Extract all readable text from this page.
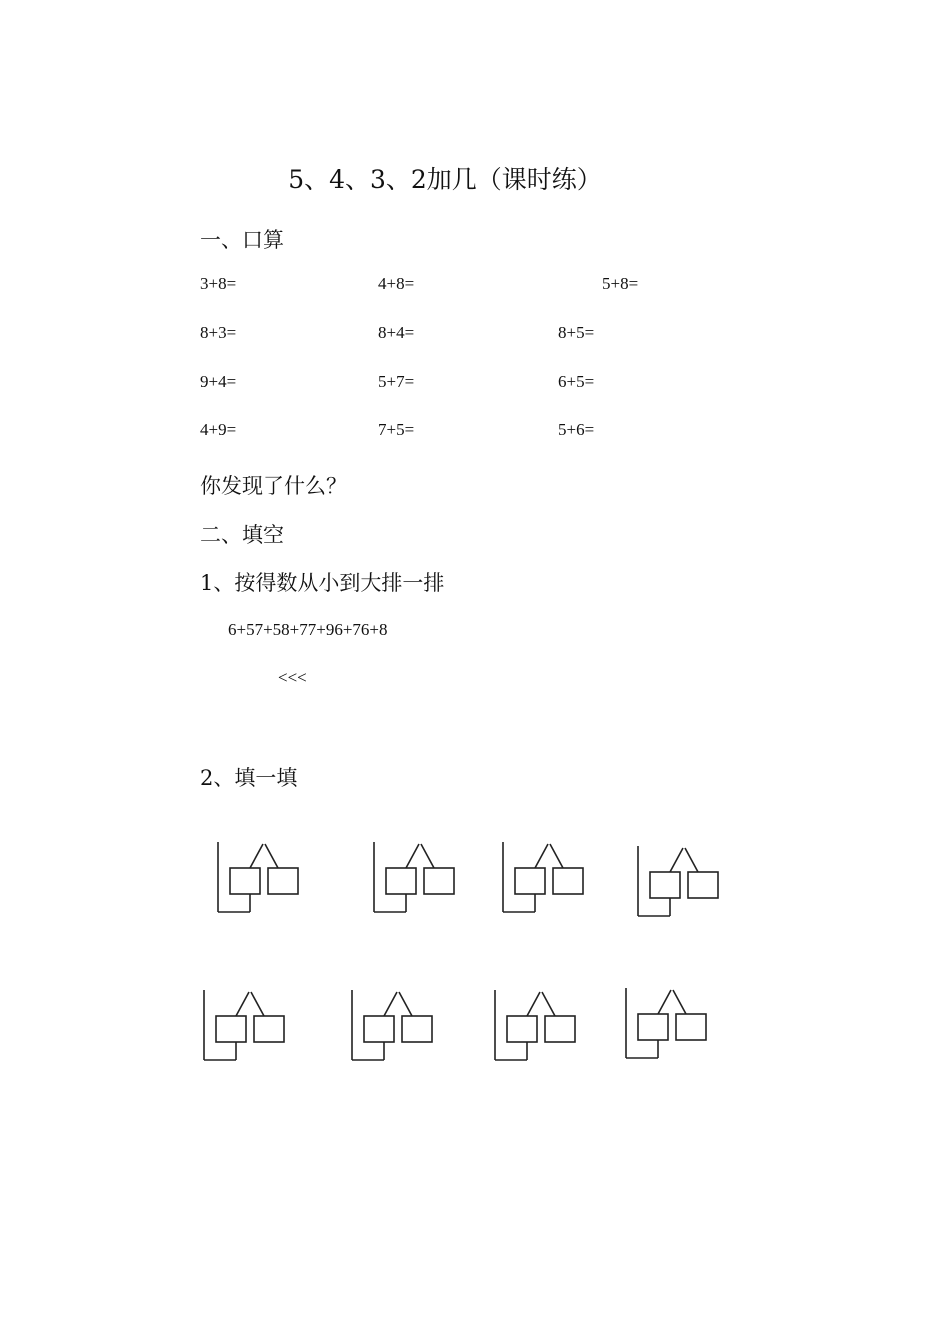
5、4、3、2加几（课时练）
一、口算
3+8=	4+8=	5+8=
8+3=	8+4=	8+5=
9+4=	5+7=	6+5=
4+9=	7+5=	5+6=
你发现了什么？
二、填空
1、按得数从小到大排一排
6+57+58+77+96+76+8
<<<
2、填一填
